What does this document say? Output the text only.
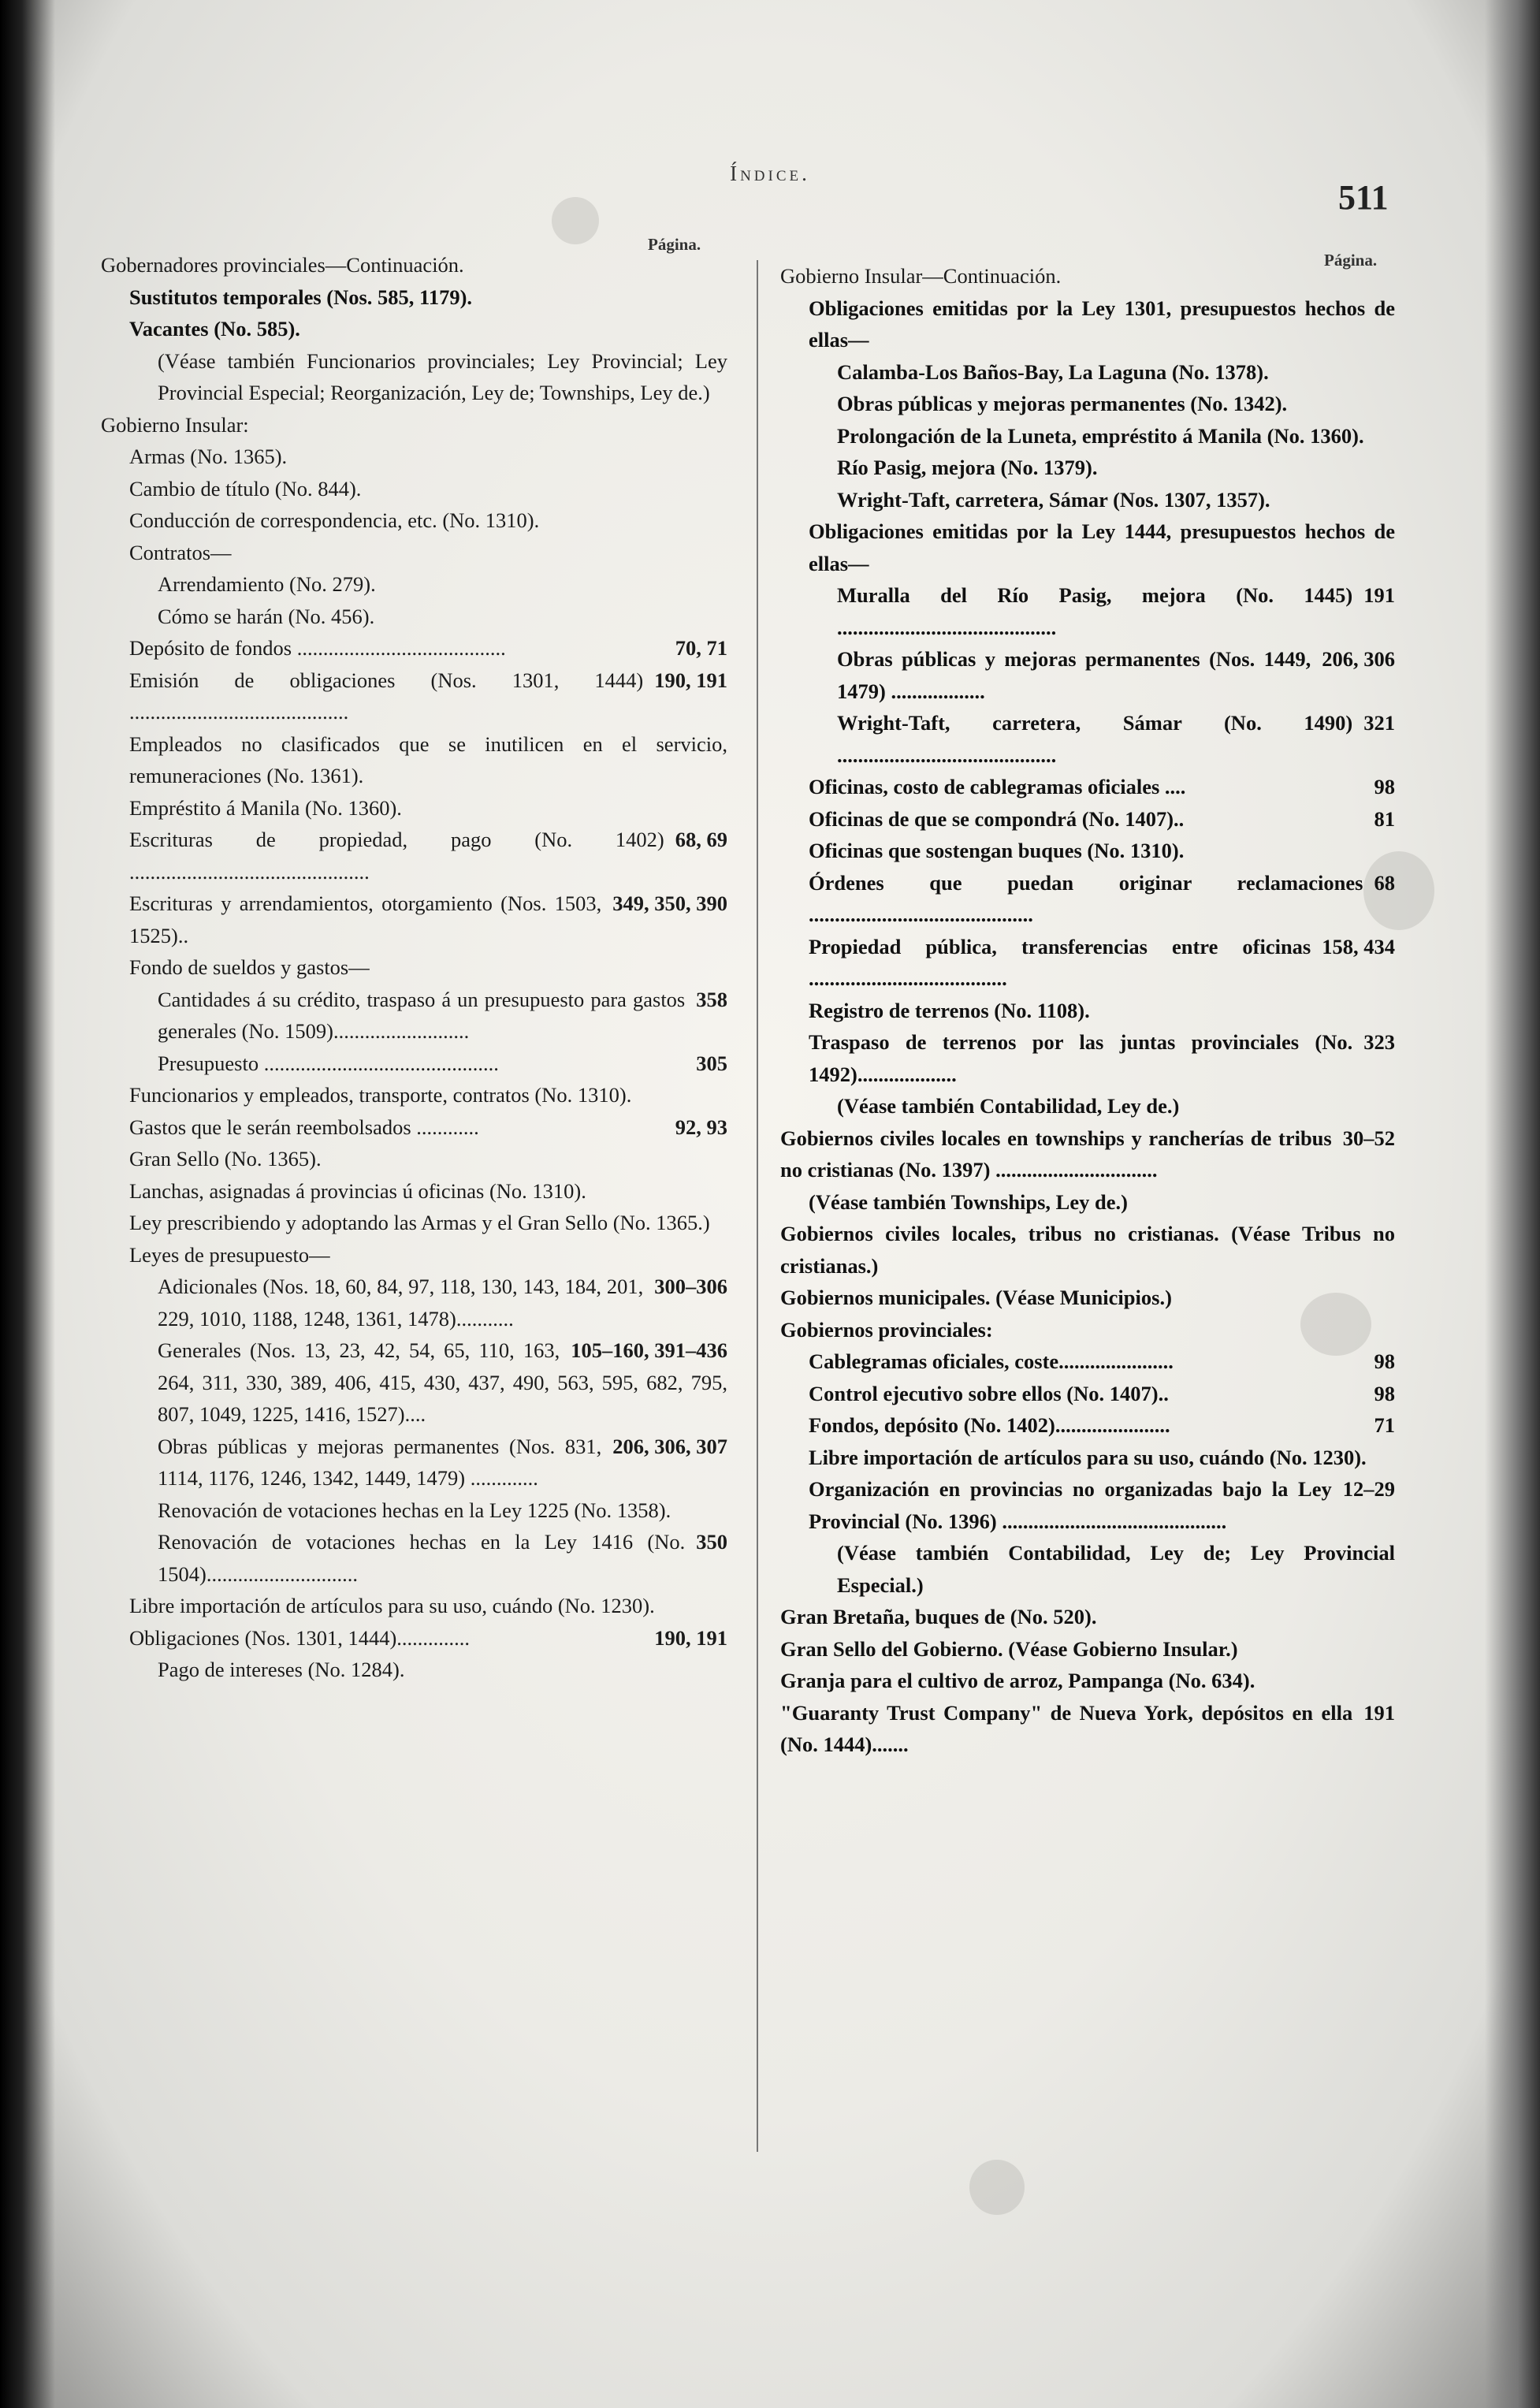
Índice.
511
Página.
Página.
Gobernadores provinciales—Continuación.
Sustitutos temporales (Nos. 585, 1179).
Vacantes (No. 585).
(Véase también Funcionarios provinciales; Ley Provincial; Ley Provincial Especial; Reorganización, Ley de; Townships, Ley de.)
Gobierno Insular:
Armas (No. 1365).
Cambio de título (No. 844).
Conducción de correspondencia, etc. (No. 1310).
Contratos—
Arrendamiento (No. 279).
Cómo se harán (No. 456).
70, 71
Depósito de fondos ........................................
190, 191
Emisión de obligaciones (Nos. 1301, 1444) ..........................................
Empleados no clasificados que se inutilicen en el servicio, remuneraciones (No. 1361).
Empréstito á Manila (No. 1360).
68, 69
Escrituras de propiedad, pago (No. 1402) ..............................................
349, 350, 390
Escrituras y arrendamientos, otorgamiento (Nos. 1503, 1525)..
Fondo de sueldos y gastos—
358
Cantidades á su crédito, traspaso á un presupuesto para gastos generales (No. 1509)..........................
305
Presupuesto .............................................
Funcionarios y empleados, transporte, contratos (No. 1310).
92, 93
Gastos que le serán reembolsados ............
Gran Sello (No. 1365).
Lanchas, asignadas á provincias ú oficinas (No. 1310).
Ley prescribiendo y adoptando las Armas y el Gran Sello (No. 1365.)
Leyes de presupuesto—
300–306
Adicionales (Nos. 18, 60, 84, 97, 118, 130, 143, 184, 201, 229, 1010, 1188, 1248, 1361, 1478)...........
105–160, 391–436
Generales (Nos. 13, 23, 42, 54, 65, 110, 163, 264, 311, 330, 389, 406, 415, 430, 437, 490, 563, 595, 682, 795, 807, 1049, 1225, 1416, 1527)....
206, 306, 307
Obras públicas y mejoras permanentes (Nos. 831, 1114, 1176, 1246, 1342, 1449, 1479) .............
Renovación de votaciones hechas en la Ley 1225 (No. 1358).
350
Renovación de votaciones hechas en la Ley 1416 (No. 1504).............................
Libre importación de artículos para su uso, cuándo (No. 1230).
190, 191
Obligaciones (Nos. 1301, 1444)..............
Pago de intereses (No. 1284).
Gobierno Insular—Continuación.
Obligaciones emitidas por la Ley 1301, presupuestos hechos de ellas—
Calamba-Los Baños-Bay, La Laguna (No. 1378).
Obras públicas y mejoras permanentes (No. 1342).
Prolongación de la Luneta, empréstito á Manila (No. 1360).
Río Pasig, mejora (No. 1379).
Wright-Taft, carretera, Sámar (Nos. 1307, 1357).
Obligaciones emitidas por la Ley 1444, presupuestos hechos de ellas—
191
Muralla del Río Pasig, mejora (No. 1445) ..........................................
206, 306
Obras públicas y mejoras permanentes (Nos. 1449, 1479) ..................
321
Wright-Taft, carretera, Sámar (No. 1490) ..........................................
98
Oficinas, costo de cablegramas oficiales ....
81
Oficinas de que se compondrá (No. 1407)..
Oficinas que sostengan buques (No. 1310).
68
Órdenes que puedan originar reclamaciones ...........................................
158, 434
Propiedad pública, transferencias entre oficinas ......................................
Registro de terrenos (No. 1108).
323
Traspaso de terrenos por las juntas provinciales (No. 1492)...................
(Véase también Contabilidad, Ley de.)
30–52
Gobiernos civiles locales en townships y rancherías de tribus no cristianas (No. 1397) ...............................
(Véase también Townships, Ley de.)
Gobiernos civiles locales, tribus no cristianas. (Véase Tribus no cristianas.)
Gobiernos municipales. (Véase Municipios.)
Gobiernos provinciales:
98
Cablegramas oficiales, coste......................
98
Control ejecutivo sobre ellos (No. 1407)..
71
Fondos, depósito (No. 1402)......................
Libre importación de artículos para su uso, cuándo (No. 1230).
12–29
Organización en provincias no organizadas bajo la Ley Provincial (No. 1396) ...........................................
(Véase también Contabilidad, Ley de; Ley Provincial Especial.)
Gran Bretaña, buques de (No. 520).
Gran Sello del Gobierno. (Véase Gobierno Insular.)
Granja para el cultivo de arroz, Pampanga (No. 634).
191
"Guaranty Trust Company" de Nueva York, depósitos en ella (No. 1444).......
